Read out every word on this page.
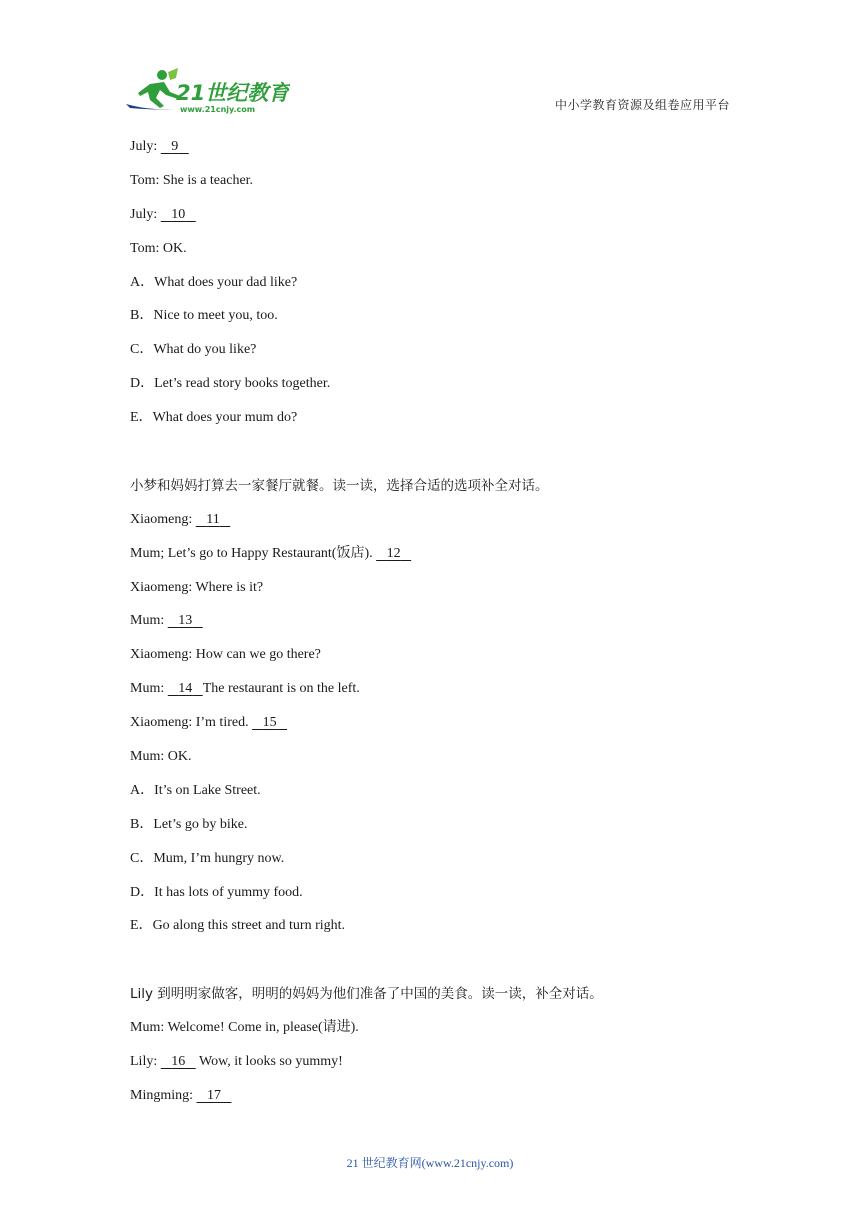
21世纪教育
www.21cnjy.com	中小学教育资源及组卷应用平台
July: 9
Tom: She is a teacher.
July: 10
Tom: OK.
A．What does your dad like?
B．Nice to meet you, too.
C．What do you like?
D．Let’s read story books together.
E．What does your mum do?
小梦和妈妈打算去一家餐厅就餐。读一读，选择合适的选项补全对话。
Xiaomeng: 11
Mum; Let’s go to Happy Restaurant(饭店). 12
Xiaomeng: Where is it?
Mum: 13
Xiaomeng: How can we go there?
Mum: 14 The restaurant is on the left.
Xiaomeng: I’m tired. 15
Mum: OK.
A．It’s on Lake Street.
B．Let’s go by bike.
C．Mum, I’m hungry now.
D．It has lots of yummy food.
E．Go along this street and turn right.
Lily 到明明家做客，明明的妈妈为他们准备了中国的美食。读一读，补全对话。
Mum: Welcome! Come in, please(请进).
Lily: 16    Wow, it looks so yummy!
Mingming: 17
21 世纪教育网(www.21cnjy.com)
